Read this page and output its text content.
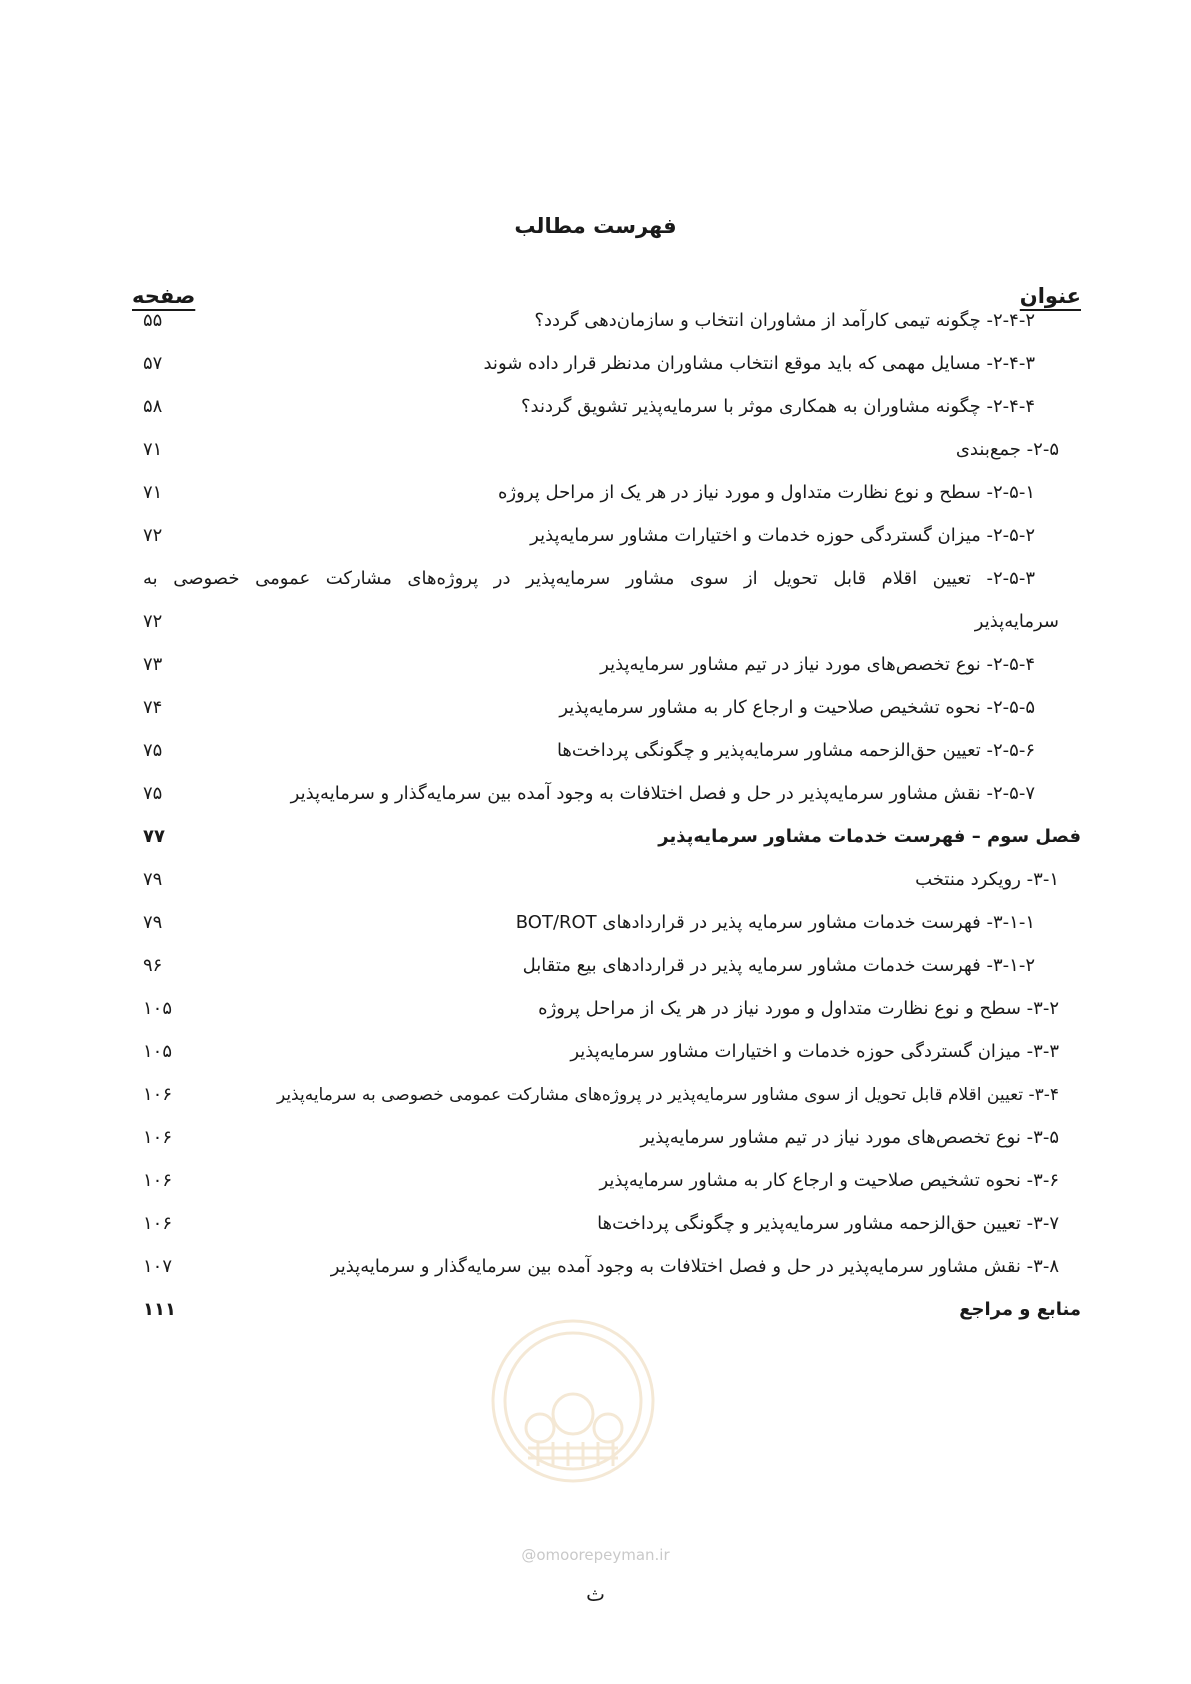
فهرست مطالب
عنوان
صفحه
۲-۴-۲- چگونه تیمی کارآمد از مشاوران انتخاب و سازمان‌دهی گردد؟
۵۵
۲-۴-۳- مسایل مهمی که باید موقع انتخاب مشاوران مدنظر قرار داده شوند
۵۷
۲-۴-۴- چگونه مشاوران به همکاری موثر با سرمایه‌پذیر تشویق گردند؟
۵۸
۲-۵- جمع‌بندی
۷۱
۲-۵-۱- سطح و نوع نظارت متداول و مورد نیاز در هر یک از مراحل پروژه
۷۱
۲-۵-۲- میزان گستردگی حوزه خدمات و اختیارات مشاور سرمایه‌پذیر
۷۲
۲-۵-۳- تعیین اقلام قابل تحویل از سوی مشاور سرمایه‌پذیر در پروژه‌های مشارکت عمومی خصوصی به
سرمایه‌پذیر
۷۲
۲-۵-۴- نوع تخصص‌های مورد نیاز در تیم مشاور سرمایه‌پذیر
۷۳
۲-۵-۵- نحوه تشخیص صلاحیت و ارجاع کار به مشاور سرمایه‌پذیر
۷۴
۲-۵-۶- تعیین حق‌الزحمه مشاور سرمایه‌پذیر و چگونگی پرداخت‌ها
۷۵
۲-۵-۷- نقش مشاور سرمایه‌پذیر در حل و فصل اختلافات به وجود آمده بین سرمایه‌گذار و سرمایه‌پذیر
۷۵
فصل سوم – فهرست خدمات مشاور سرمایه‌پذیر
۷۷
۳-۱- رویکرد منتخب
۷۹
۳-۱-۱- فهرست خدمات مشاور سرمایه پذیر در قراردادهای BOT/ROT
۷۹
۳-۱-۲- فهرست خدمات مشاور سرمایه پذیر در قراردادهای بیع متقابل
۹۶
۳-۲- سطح و نوع نظارت متداول و مورد نیاز در هر یک از مراحل پروژه
۱۰۵
۳-۳- میزان گستردگی حوزه خدمات و اختیارات مشاور سرمایه‌پذیر
۱۰۵
۳-۴- تعیین اقلام قابل تحویل از سوی مشاور سرمایه‌پذیر در پروژه‌های مشارکت عمومی خصوصی به سرمایه‌پذیر
۱۰۶
۳-۵- نوع تخصص‌های مورد نیاز در تیم مشاور سرمایه‌پذیر
۱۰۶
۳-۶- نحوه تشخیص صلاحیت و ارجاع کار به مشاور سرمایه‌پذیر
۱۰۶
۳-۷- تعیین حق‌الزحمه مشاور سرمایه‌پذیر و چگونگی پرداخت‌ها
۱۰۶
۳-۸- نقش مشاور سرمایه‌پذیر در حل و فصل اختلافات به وجود آمده بین سرمایه‌گذار و سرمایه‌پذیر
۱۰۷
منابع و مراجع
۱۱۱
@omoorepeyman.ir
ث
